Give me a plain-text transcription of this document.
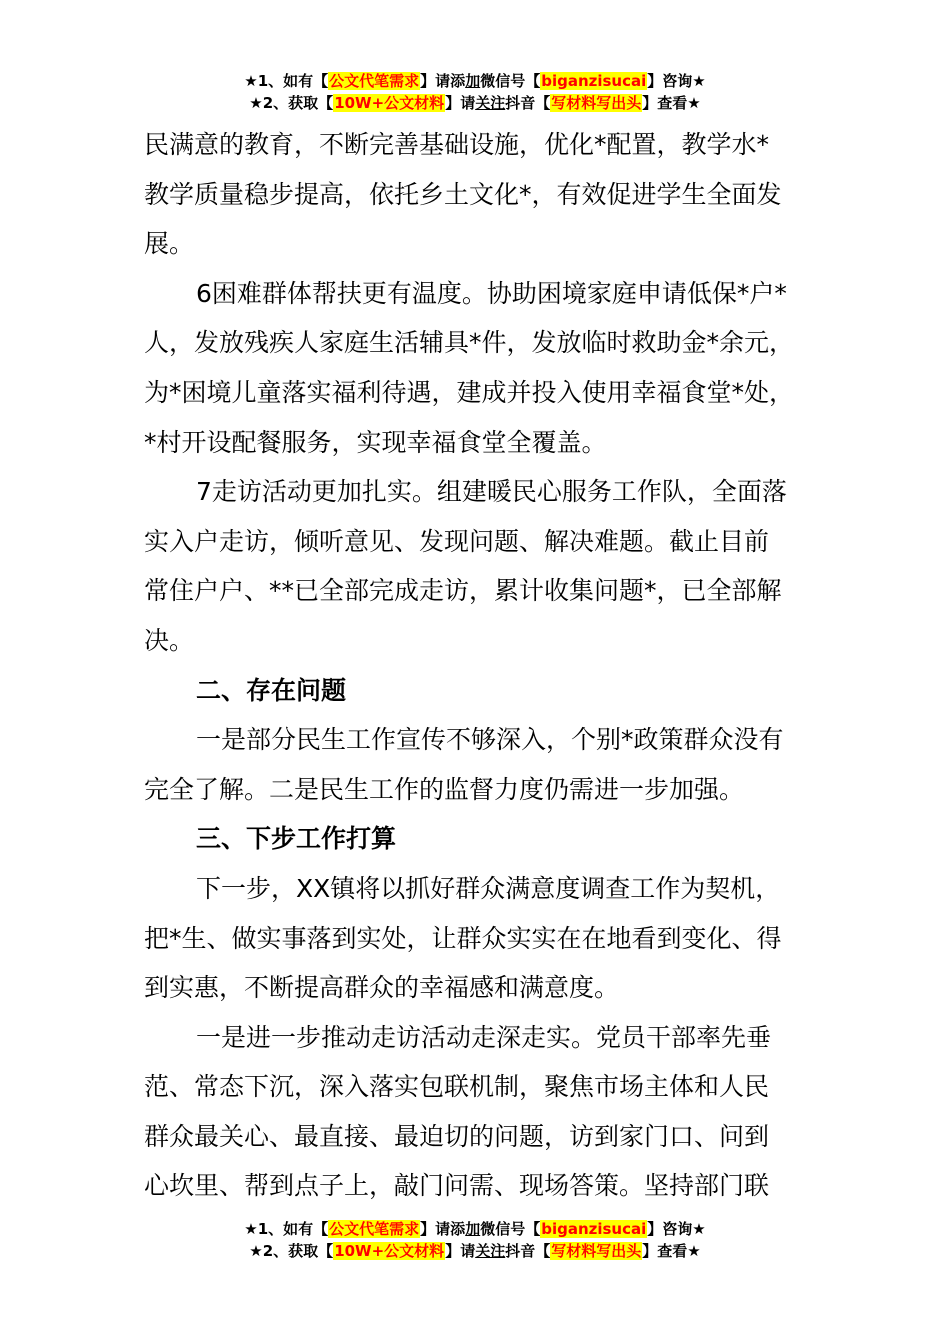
★1、如有【公文代笔需求】请添加微信号【biganzisucai】咨询★
★2、获取【10W+公文材料】请关注抖音【写材料写出头】查看★
民满意的教育，不断完善基础设施，优化*配置，教学水*
教学质量稳步提高，依托乡土文化*，有效促进学生全面发
展。
6困难群体帮扶更有温度。协助困境家庭申请低保*户*
人，发放残疾人家庭生活辅具*件，发放临时救助金*余元，
为*困境儿童落实福利待遇，建成并投入使用幸福食堂*处，
*村开设配餐服务，实现幸福食堂全覆盖。
7走访活动更加扎实。组建暖民心服务工作队，全面落
实入户走访，倾听意见、发现问题、解决难题。截止目前
常住户户、**已全部完成走访，累计收集问题*，已全部解
决。
二、存在问题
一是部分民生工作宣传不够深入，个别*政策群众没有
完全了解。二是民生工作的监督力度仍需进一步加强。
三、下步工作打算
下一步，XX镇将以抓好群众满意度调查工作为契机，
把*生、做实事落到实处，让群众实实在在地看到变化、得
到实惠，不断提高群众的幸福感和满意度。
一是进一步推动走访活动走深走实。党员干部率先垂
范、常态下沉，深入落实包联机制，聚焦市场主体和人民
群众最关心、最直接、最迫切的问题，访到家门口、问到
心坎里、帮到点子上，敲门问需、现场答策。坚持部门联
★1、如有【公文代笔需求】请添加微信号【biganzisucai】咨询★
★2、获取【10W+公文材料】请关注抖音【写材料写出头】查看★
